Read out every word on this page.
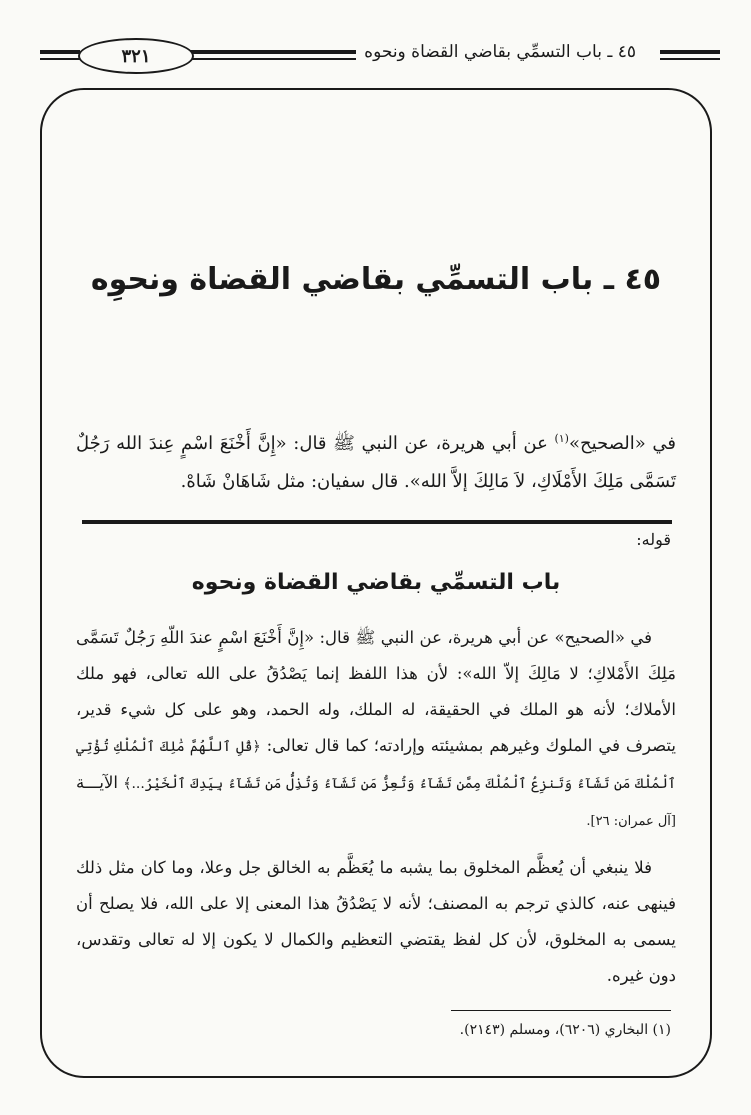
٣٢١	٤٥ ـ باب التسمِّي بقاضي القضاة ونحوه
٤٥ ـ باب التسمِّي بقاضي القضاة ونحوِه
في «الصحيح»$^{(١)}$ عن أبي هريرة، عن النبي ﷺ قال: «إِنَّ أَخْنَعَ اسْمٍ عِندَ الله رَجُلٌ تَسَمَّى مَلِكَ الأَمْلَاكِ، لاَ مَالِكَ إلاَّ الله». قال سفيان: مثل شَاهَانْ شَاهْ.
قوله:
باب التسمِّي بقاضي القضاة ونحوه

في «الصحيح» عن أبي هريرة، عن النبي ﷺ قال: «إِنَّ أَخْنَعَ اسْمٍ عندَ اللّهِ رَجُلٌ تَسَمَّى مَلِكَ الأَمْلاكِ؛ لا مَالِكَ إلاّ الله»: لأن هذا اللفظ إنما يَصْدُقُ على الله تعالى، فهو ملك الأملاك؛ لأنه هو الملك في الحقيقة، له الملك، وله الحمد، وهو على كل شيء قدير، يتصرف في الملوك وغيرهم بمشيئته وإرادته؛ كما قال تعالى: ﴿قُلِ ٱللَّهُمَّ مَٰلِكَ ٱلْمُلْكِ تُؤْتِي ٱلْمُلْكَ مَن تَشَآءُ وَتَنزِعُ ٱلْمُلْكَ مِمَّن تَشَآءُ وَتُعِزُّ مَن تَشَآءُ وَتُذِلُّ مَن تَشَآءُ بِيَدِكَ ٱلْخَيْرُ...﴾ الآيـــة [آل عمران: ٢٦].

فلا ينبغي أن يُعظَّم المخلوق بما يشبه ما يُعَظَّم به الخالق جل وعلا، وما كان مثل ذلك فينهى عنه، كالذي ترجم به المصنف؛ لأنه لا يَصْدُقُ هذا المعنى إلا على الله، فلا يصلح أن يسمى به المخلوق، لأن كل لفظ يقتضي التعظيم والكمال لا يكون إلا له تعالى وتقدس، دون غيره.

(١) البخاري (٦٢٠٦)، ومسلم (٢١٤٣).
